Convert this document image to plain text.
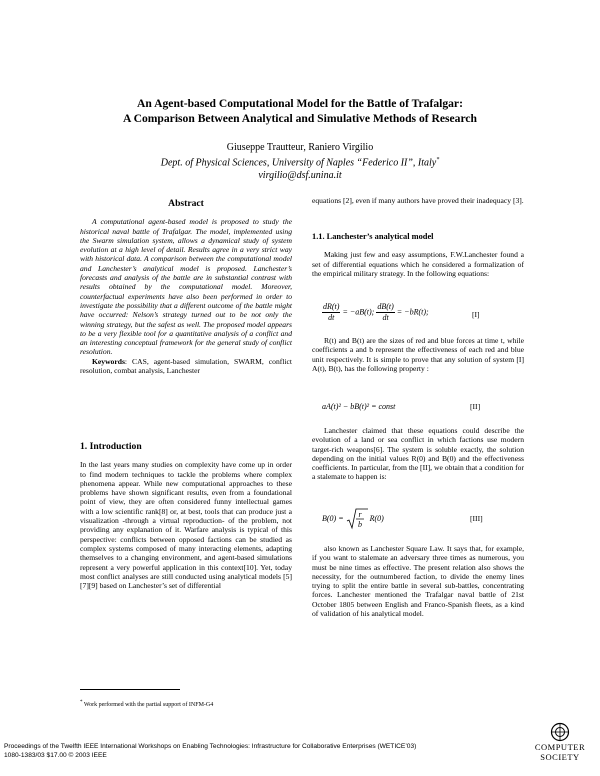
An Agent-based Computational Model for the Battle of Trafalgar:
A Comparison Between Analytical and Simulative Methods of Research
Giuseppe Trautteur, Raniero Virgilio
Dept. of Physical Sciences, University of Naples “Federico II”, Italy*
virgilio@dsf.unina.it
Abstract

A computational agent-based model is proposed to study the historical naval battle of Trafalgar. The model, implemented using the Swarm simulation system, allows a dynamical study of system evolution at a high level of detail. Results agree in a very strict way with historical data. A comparison between the computational model and Lanchester’s analytical model is proposed. Lanchester’s forecasts and analysis of the battle are in substantial contrast with results obtained by the computational model. Moreover, counterfactual experiments have also been performed in order to investigate the possibility that a different outcome of the battle might have occurred: Nelson’s strategy turned out to be not only the winning strategy, but the safest as well. The proposed model appears to be a very flexible tool for a quantitative analysis of a conflict and an interesting conceptual framework for the general study of conflict resolution.

Keywords: CAS, agent-based simulation, SWARM, conflict resolution, combat analysis, Lanchester

1. Introduction

In the last years many studies on complexity have come up in order to find modern techniques to tackle the problems where complex phenomena appear. While new computational approaches to these problems have shown significant results, even from a foundational point of view, they are often considered funny intellectual games with a low scientific rank[8] or, at best, tools that can produce just a visualization -through a virtual reproduction- of the problem, not providing any explanation of it. Warfare analysis is typical of this perspective: conflicts between opposed factions can be studied as complex systems composed of many interacting elements, adapting themselves to a changing environment, and agent-based simulations represent a very powerful application in this context[10]. Yet, today most conflict analyses are still conducted using analytical models [5][7][9] based on Lanchester’s set of differential

equations [2], even if many authors have proved their inadequacy [3].
1.1. Lanchester’s analytical model

Making just few and easy assumptions, F.W.Lanchester found a set of differential equations which he considered a formalization of the empirical military strategy. In the following equations:

$\frac{dR(t)}{dt} = -aB(t)$; $\frac{dB(t)}{dt} = -bR(t)$;	[I]

R(t) and B(t) are the sizes of red and blue forces at time t, while coefficients a and b represent the effectiveness of each red and blue unit respectively. It is simple to prove that any solution of system [I] A(t), B(t), has the following property :

aA(t)² − bB(t)² = const	[II]

Lanchester claimed that these equations could describe the evolution of a land or sea conflict in which factions use modern target-rich weapons[6]. The system is soluble exactly, the solution depending on the initial values R(0) and B(0) and the effectiveness coefficients. In particular, from the [II], we obtain that a condition for a stalemate to happen is:

B(0) = r
b
R(0)	[III]

also known as Lanchester Square Law. It says that, for example, if you want to stalemate an adversary three times as numerous, you must be nine times as effective. The present relation also shows the necessity, for the outnumbered faction, to divide the enemy lines trying to split the entire battle in several sub-battles, concentrating forces. Lanchester mentioned the Trafalgar naval battle of 21st October 1805 between English and Franco-Spanish fleets, as a kind of validation of his analytical model.

* Work performed with the partial support of INFM-G4
Proceedings of the Twelfth IEEE International Workshops on Enabling Technologies: Infrastructure for Collaborative Enterprises (WETICE’03)
1080-1383/03 $17.00 © 2003 IEEE
COMPUTER
SOCIETY
